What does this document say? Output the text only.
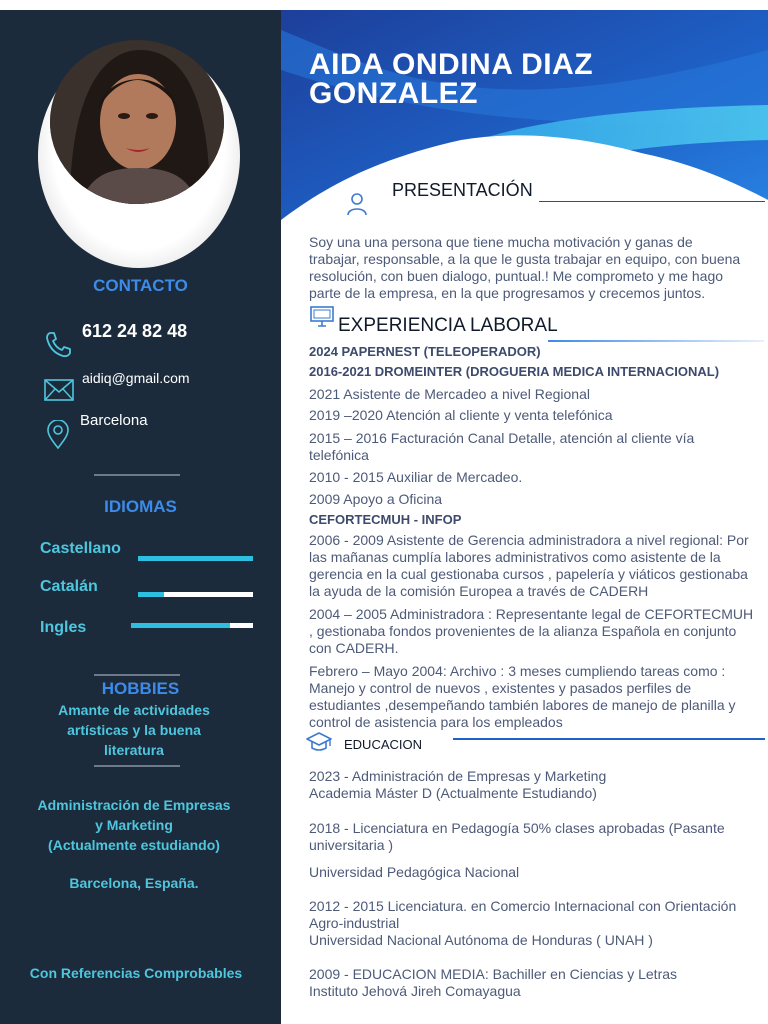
CONTACTO
612 24 82 48
aidiq@gmail.com
Barcelona
IDIOMAS
Castellano
Catalán
Ingles
HOBBIES
Amante de actividades
artísticas y la buena
literatura
Administración de Empresas
y Marketing
(Actualmente estudiando)
Barcelona, España.
Con Referencias Comprobables
AIDA ONDINA DIAZ
GONZALEZ
PRESENTACIÓN
Soy una una persona que tiene mucha motivación y ganas de trabajar, responsable, a la que le gusta trabajar en equipo, con buena resolución, con buen dialogo, puntual.! Me comprometo y me hago parte de la empresa, en la que progresamos y crecemos juntos.
EXPERIENCIA LABORAL
2024 PAPERNEST (TELEOPERADOR)
2016-2021 DROMEINTER (DROGUERIA MEDICA INTERNACIONAL)
2021 Asistente de Mercadeo a nivel Regional
2019 –2020 Atención al cliente y venta telefónica
2015 – 2016 Facturación Canal Detalle, atención al cliente vía telefónica
2010 - 2015 Auxiliar de Mercadeo.
2009 Apoyo a Oficina
CEFORTECMUH - INFOP
2006 - 2009 Asistente de Gerencia administradora a nivel regional: Por las mañanas cumplía labores administrativos como asistente de la gerencia en la cual gestionaba cursos , papelería y viáticos gestionaba la ayuda de la comisión Europea a través de CADERH
2004 – 2005 Administradora : Representante legal de CEFORTECMUH , gestionaba fondos provenientes de la alianza Española en conjunto con CADERH.
Febrero – Mayo 2004: Archivo : 3 meses cumpliendo tareas como : Manejo y control de nuevos , existentes y pasados perfiles de estudiantes ,desempeñando también labores de manejo de planilla y control de asistencia para los empleados
EDUCACION
2023 - Administración de Empresas y Marketing
Academia Máster D (Actualmente Estudiando)
2018 - Licenciatura en Pedagogía 50% clases aprobadas (Pasante universitaria )
Universidad Pedagógica Nacional
2012 - 2015 Licenciatura. en Comercio Internacional con Orientación Agro-industrial
Universidad Nacional Autónoma de Honduras ( UNAH )
2009 - EDUCACION MEDIA: Bachiller en Ciencias y Letras
Instituto Jehová Jireh Comayagua
